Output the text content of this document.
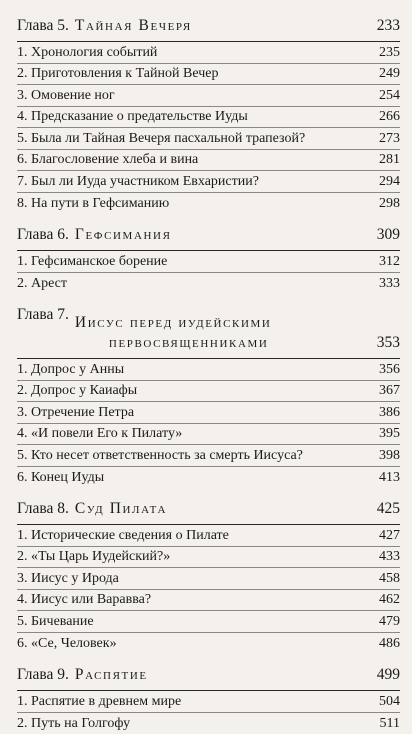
Глава 5. Тайная Вечеря	233
1. Хронология событий	235
2. Приготовления к Тайной Вечер	249
3. Омовение ног	254
4. Предсказание о предательстве Иуды	266
5. Была ли Тайная Вечеря пасхальной трапезой?	273
6. Благословение хлеба и вина	281
7. Был ли Иуда участником Евхаристии?	294
8. На пути в Гефсиманию	298
Глава 6. Гефсимания	309
1. Гефсиманское борение	312
2. Арест	333
Глава 7. Иисус перед иудейскими
первосвященниками	353
1. Допрос у Анны	356
2. Допрос у Каиафы	367
3. Отречение Петра	386
4. «И повели Его к Пилату»	395
5. Кто несет ответственность за смерть Иисуса?	398
6. Конец Иуды	413
Глава 8. Суд Пилата	425
1. Исторические сведения о Пилате	427
2. «Ты Царь Иудейский?»	433
3. Иисус у Ирода	458
4. Иисус или Варавва?	462
5. Бичевание	479
6. «Се, Человек»	486
Глава 9. Распятие	499
1. Распятие в древнем мире	504
2. Путь на Голгофу	511
